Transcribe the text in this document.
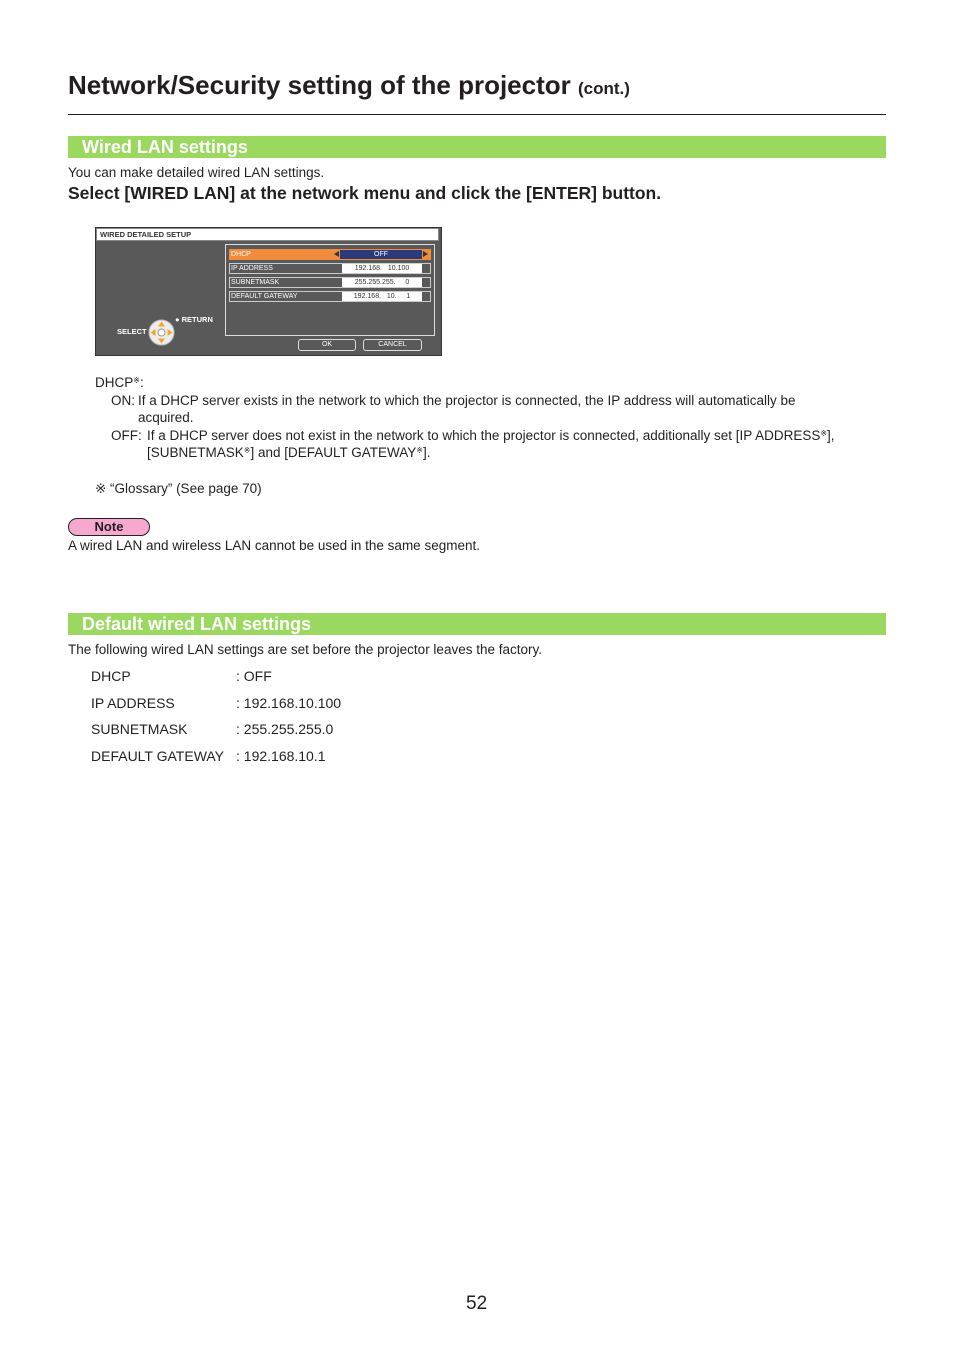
Network/Security setting of the projector (cont.)
Wired LAN settings
You can make detailed wired LAN settings.
Select [WIRED LAN] at the network menu and click the [ENTER] button.
WIRED DETAILED SETUP
DHCP	OFF
IP ADDRESS	192.168.   10.100
SUBNETMASK	255.255.255.     0
DEFAULT GATEWAY	192.168.   10.     1
● RETURN
SELECT
OK	CANCEL
DHCP※:
ON: If a DHCP server exists in the network to which the projector is connected, the IP address will automatically be
acquired.
OFF: If a DHCP server does not exist in the network to which the projector is connected, additionally set [IP ADDRESS※],
[SUBNETMASK※] and [DEFAULT GATEWAY※].
※ “Glossary” (See page 70)
Note
A wired LAN and wireless LAN cannot be used in the same segment.
Default wired LAN settings
The following wired LAN settings are set before the projector leaves the factory.
DHCP	: OFF
IP ADDRESS	: 192.168.10.100
SUBNETMASK	: 255.255.255.0
DEFAULT GATEWAY	: 192.168.10.1
52
